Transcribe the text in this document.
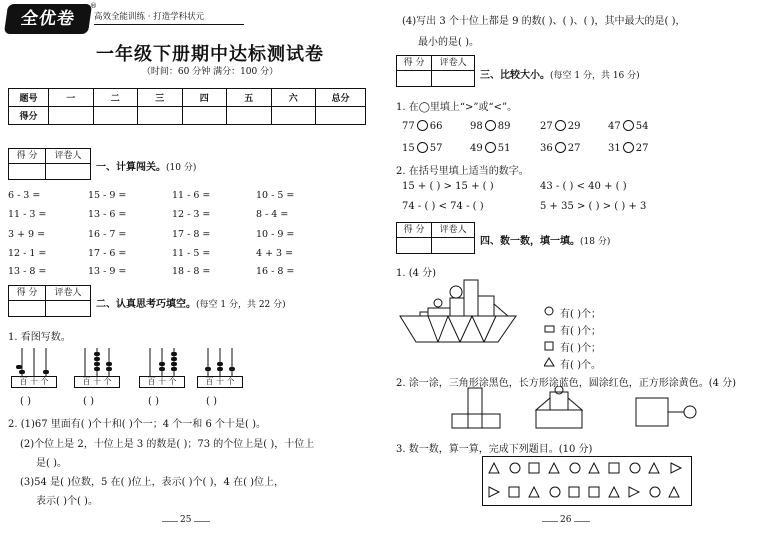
全优卷
®
高效全能训练 · 打造学科状元
一年级下册期中达标测试卷
（时间：60 分钟 满分：100 分）
题号	一	二	三	四	五	六	总分
得分							
得 分	评卷人
一、计算闯关。(10 分)
6 - 3 =	15 - 9 =	11 - 6 =	10 - 5 =
11 - 3 =	13 - 6 =	12 - 3 =	8 - 4 =
3 + 9 =	16 - 7 =	17 - 8 =	10 - 9 =
12 - 1 =	17 - 6 =	11 - 5 =	4 + 3 =
13 - 8 =	13 - 9 =	18 - 8 =	16 - 8 =
得 分	评卷人
二、认真思考巧填空。(每空 1 分，共 22 分)
1. 看图写数。
百 十 个	百 十 个	百 十 个	百 十 个
( )	( )	( )	( )
2. (1)67 里面有( )个十和( )个一；4 个一和 6 个十是( )。
(2)个位上是 2，十位上是 3 的数是( )；73 的个位上是( )，十位上
是( )。
(3)54 是( )位数，5 在( )位上，表示( )个( )，4 在( )位上，
表示( )个( )。
25
(4)写出 3 个十位上都是 9 的数( )、( )、( )，其中最大的是( )，
最小的是( )。
得 分	评卷人
三、比较大小。(每空 1 分，共 16 分)
1. 在◯里填上“>”或“<”。
77 66	98 89	27 29	47 54
15 57	49 51	36 27	31 27
2. 在括号里填上适当的数字。
15 + ( ) > 15 + ( )	43 - ( ) < 40 + ( )
74 - ( ) < 74 - ( )	5 + 35 > ( ) > ( ) + 3
得 分	评卷人
四、数一数，填一填。(18 分)
1. (4 分)
有( )个；
有( )个；
有( )个；
有( )个。
2. 涂一涂，三角形涂黑色，长方形涂蓝色，圆涂红色，正方形涂黄色。(4 分)
3. 数一数，算一算，完成下列题目。(10 分)
26
